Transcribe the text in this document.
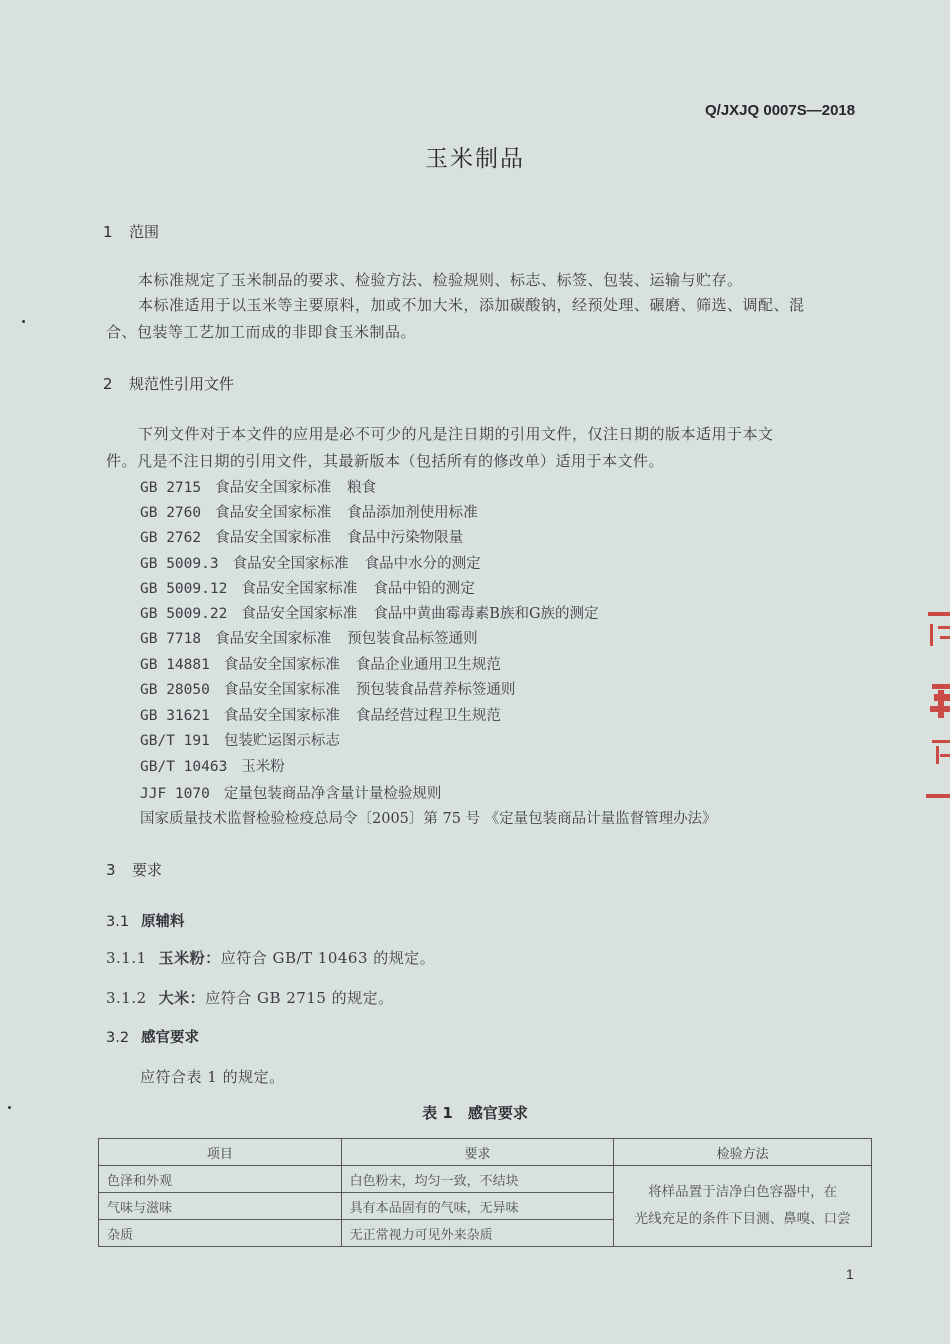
Q/JXJQ 0007S—2018
玉米制品
1 范围
本标准规定了玉米制品的要求、检验方法、检验规则、标志、标签、包装、运输与贮存。
本标准适用于以玉米等主要原料，加或不加大米，添加碳酸钠，经预处理、碾磨、筛选、调配、混
合、包装等工艺加工而成的非即食玉米制品。
2 规范性引用文件
下列文件对于本文件的应用是必不可少的凡是注日期的引用文件，仅注日期的版本适用于本文
件。凡是不注日期的引用文件，其最新版本（包括所有的修改单）适用于本文件。
GB 2715 食品安全国家标准 粮食
GB 2760 食品安全国家标准 食品添加剂使用标准
GB 2762 食品安全国家标准 食品中污染物限量
GB 5009.3 食品安全国家标准 食品中水分的测定
GB 5009.12 食品安全国家标准 食品中铅的测定
GB 5009.22 食品安全国家标准 食品中黄曲霉毒素B族和G族的测定
GB 7718 食品安全国家标准 预包装食品标签通则
GB 14881 食品安全国家标准 食品企业通用卫生规范
GB 28050 食品安全国家标准 预包装食品营养标签通则
GB 31621 食品安全国家标准 食品经营过程卫生规范
GB/T 191 包装贮运图示标志
GB/T 10463 玉米粉
JJF 1070 定量包装商品净含量计量检验规则
国家质量技术监督检验检疫总局令〔2005〕第 75 号 《定量包装商品计量监督管理办法》
3 要求
3.1 原辅料
3.1.1 玉米粉：应符合 GB/T 10463 的规定。
3.1.2 大米：应符合 GB 2715 的规定。
3.2 感官要求
应符合表 1 的规定。
表 1　感官要求
项目	要求	检验方法
色泽和外观	白色粉末，均匀一致，不结块	将样品置于洁净白色容器中，在
光线充足的条件下目测、鼻嗅、口尝

气味与滋味	具有本品固有的气味，无异味	
杂质	无正常视力可见外来杂质	
1
